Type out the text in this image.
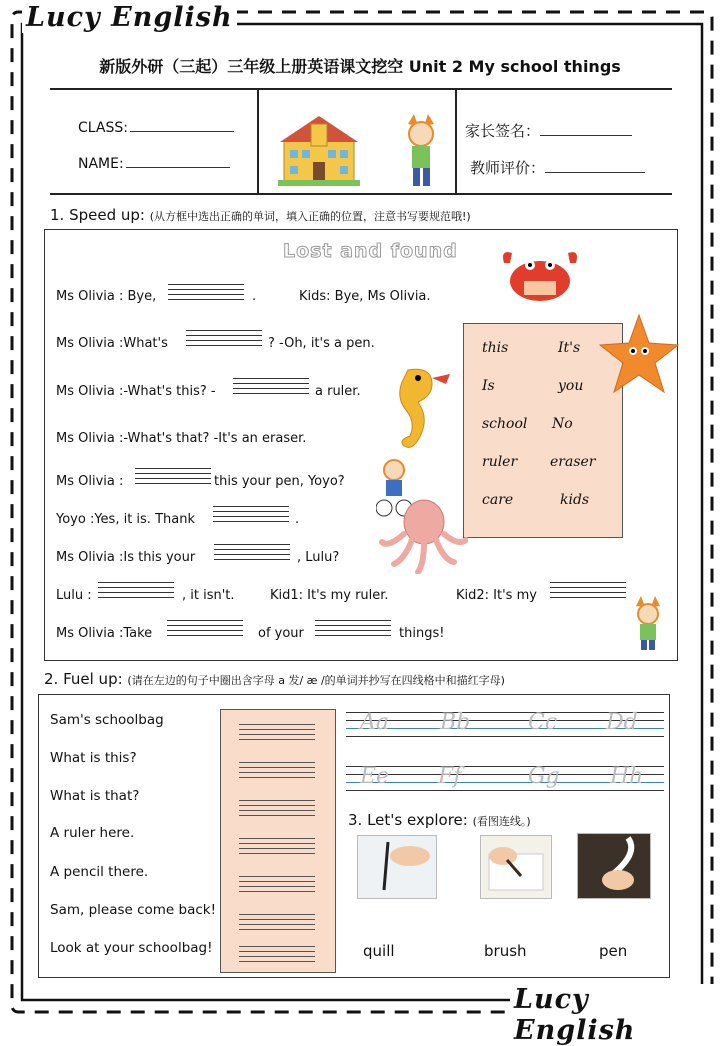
Lucy English
Lucy English
新版外研（三起）三年级上册英语课文挖空 Unit 2 My school things
CLASS:
NAME:
家长签名：
教师评价：
1. Speed up: (从方框中选出正确的单词，填入正确的位置，注意书写要规范哦!)
Lost and found
Ms Olivia : Bye,	.	Kids: Bye, Ms Olivia.
Ms Olivia :What's	? -Oh, it's a pen.
Ms Olivia :-What's this? -	a ruler.
Ms Olivia :-What's that? -It's an eraser.
Ms Olivia :	this your pen, Yoyo?
Yoyo :Yes, it is. Thank	.
Ms Olivia :Is this your	, Lulu?
Lulu :	, it isn't.	Kid1: It's my ruler.	Kid2: It's my
Ms Olivia :Take	of your	things!
this	It's
Is	you
school No
ruler eraser
care	kids
2. Fuel up: (请在左边的句子中圈出含字母 a 发/ æ /的单词并抄写在四线格中和描红字母)
Sam's schoolbag
What is this?
What is that?
A ruler here.
A pencil there.
Sam, please come back!
Look at your schoolbag!
Aa Bb	Cc Dd
Ee Ff	Gg Hh
3. Let's explore: (看图连线。)
quill	brush	pen
